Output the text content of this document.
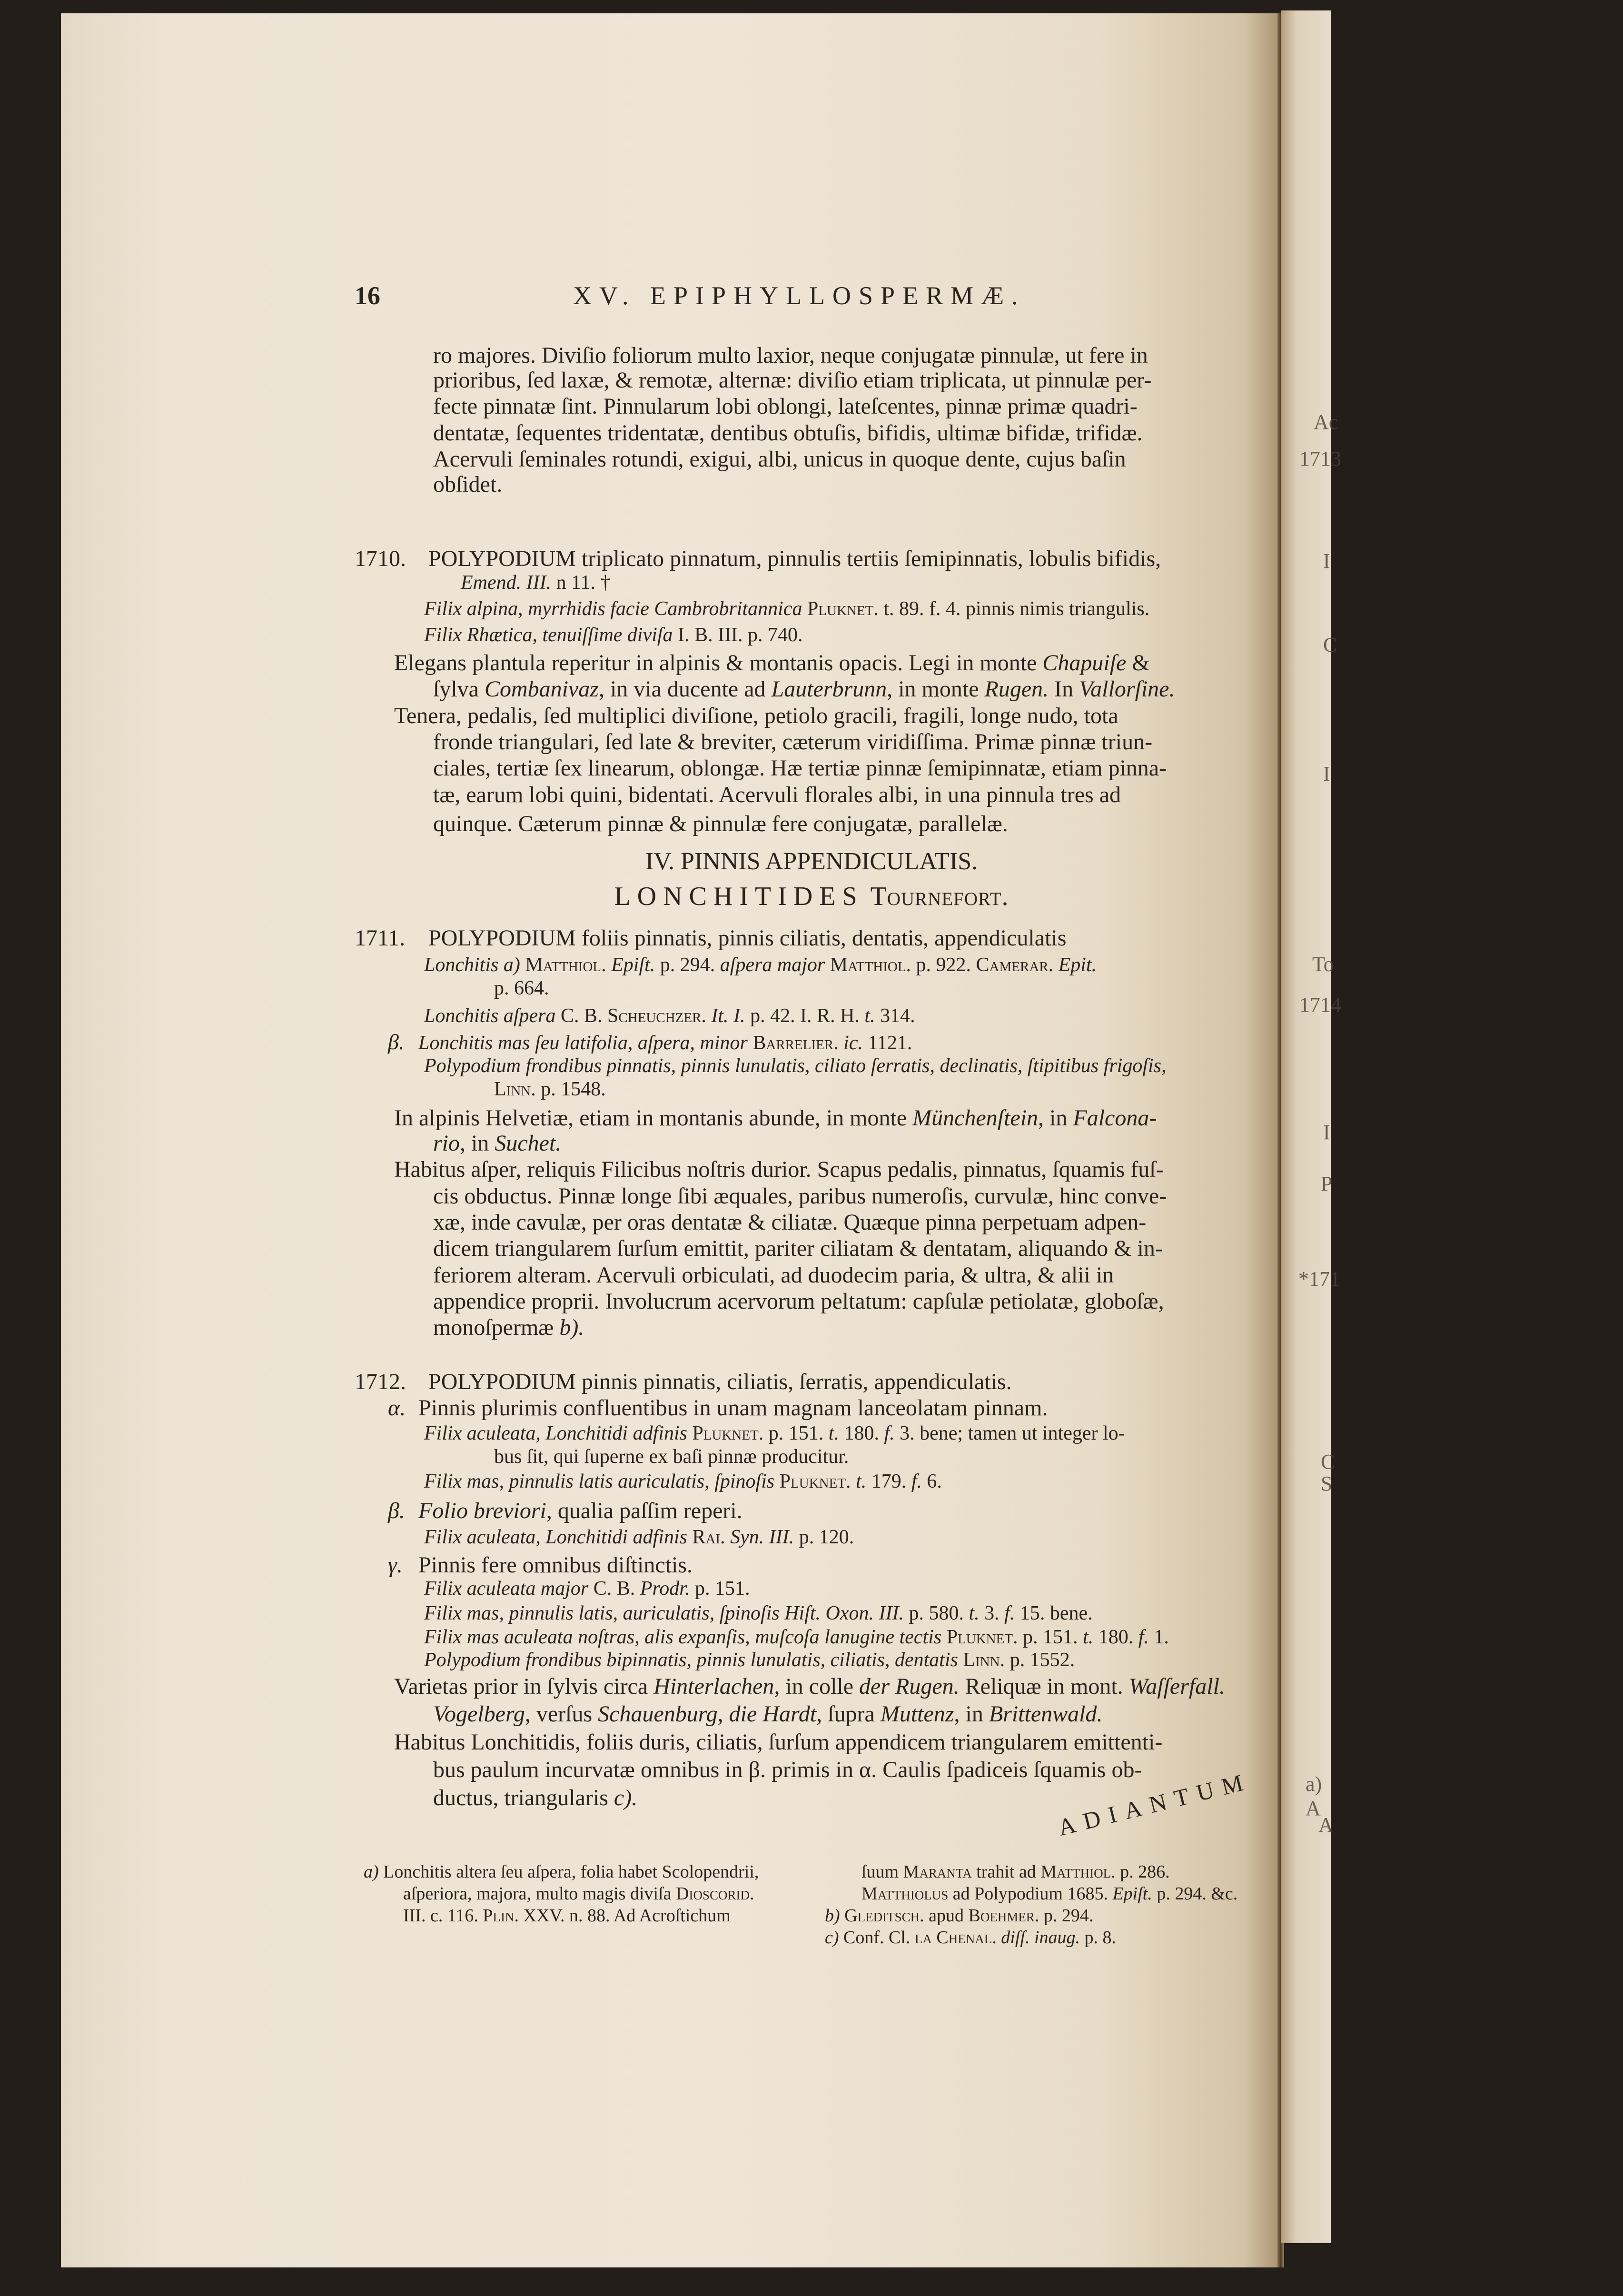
16	XV. EPIPHYLLOSPERMÆ.
ro majores. Diviſio foliorum multo laxior, neque conjugatæ pinnulæ, ut fere in
prioribus, ſed laxæ, & remotæ, alternæ: diviſio etiam triplicata, ut pinnulæ per-
fecte pinnatæ ſint. Pinnularum lobi oblongi, lateſcentes, pinnæ primæ quadri-
dentatæ, ſequentes tridentatæ, dentibus obtuſis, bifidis, ultimæ bifidæ, trifidæ.
Acervuli ſeminales rotundi, exigui, albi, unicus in quoque dente, cujus baſin
obſidet.
1710. POLYPODIUM triplicato pinnatum, pinnulis tertiis ſemipinnatis, lobulis bifidis,
Emend. III. n 11. †
Filix alpina, myrrhidis facie Cambrobritannica Pluknet. t. 89. f. 4. pinnis nimis triangulis.
Filix Rhætica, tenuiſſime diviſa I. B. III. p. 740.
Elegans plantula reperitur in alpinis & montanis opacis. Legi in monte Chapuiſe &
ſylva Combanivaz, in via ducente ad Lauterbrunn, in monte Rugen. In Vallorſine.
Tenera, pedalis, ſed multiplici diviſione, petiolo gracili, fragili, longe nudo, tota
fronde triangulari, ſed late & breviter, cæterum viridiſſima. Primæ pinnæ triun-
ciales, tertiæ ſex linearum, oblongæ. Hæ tertiæ pinnæ ſemipinnatæ, etiam pinna-
tæ, earum lobi quini, bidentati. Acervuli florales albi, in una pinnula tres ad
quinque. Cæterum pinnæ & pinnulæ fere conjugatæ, parallelæ.
IV. PINNIS APPENDICULATIS.
LONCHITIDES Tournefort.
1711. POLYPODIUM foliis pinnatis, pinnis ciliatis, dentatis, appendiculatis
Lonchitis a) Matthiol. Epiſt. p. 294. aſpera major Matthiol. p. 922. Camerar. Epit.
p. 664.
Lonchitis aſpera C. B. Scheuchzer. It. I. p. 42. I. R. H. t. 314.
β. Lonchitis mas ſeu latifolia, aſpera, minor Barrelier. ic. 1121.
Polypodium frondibus pinnatis, pinnis lunulatis, ciliato ſerratis, declinatis, ſtipitibus frigoſis,
Linn. p. 1548.
In alpinis Helvetiæ, etiam in montanis abunde, in monte Münchenſtein, in Falcona-
rio, in Suchet.
Habitus aſper, reliquis Filicibus noſtris durior. Scapus pedalis, pinnatus, ſquamis fuſ-
cis obductus. Pinnæ longe ſibi æquales, paribus numeroſis, curvulæ, hinc conve-
xæ, inde cavulæ, per oras dentatæ & ciliatæ. Quæque pinna perpetuam adpen-
dicem triangularem ſurſum emittit, pariter ciliatam & dentatam, aliquando & in-
feriorem alteram. Acervuli orbiculati, ad duodecim paria, & ultra, & alii in
appendice proprii. Involucrum acervorum peltatum: capſulæ petiolatæ, globoſæ,
monoſpermæ b).
1712. POLYPODIUM pinnis pinnatis, ciliatis, ſerratis, appendiculatis.
α. Pinnis plurimis confluentibus in unam magnam lanceolatam pinnam.
Filix aculeata, Lonchitidi adfinis Pluknet. p. 151. t. 180. f. 3. bene; tamen ut integer lo-
bus ſit, qui ſuperne ex baſi pinnæ producitur.
Filix mas, pinnulis latis auriculatis, ſpinoſis Pluknet. t. 179. f. 6.
β. Folio breviori, qualia paſſim reperi.
Filix aculeata, Lonchitidi adfinis Rai. Syn. III. p. 120.
γ. Pinnis fere omnibus diſtinctis.
Filix aculeata major C. B. Prodr. p. 151.
Filix mas, pinnulis latis, auriculatis, ſpinoſis Hiſt. Oxon. III. p. 580. t. 3. f. 15. bene.
Filix mas aculeata noſtras, alis expanſis, muſcoſa lanugine tectis Pluknet. p. 151. t. 180. f. 1.
Polypodium frondibus bipinnatis, pinnis lunulatis, ciliatis, dentatis Linn. p. 1552.
Varietas prior in ſylvis circa Hinterlachen, in colle der Rugen. Reliquæ in mont. Waſſerfall.
Vogelberg, verſus Schauenburg, die Hardt, ſupra Muttenz, in Brittenwald.
Habitus Lonchitidis, foliis duris, ciliatis, ſurſum appendicem triangularem emittenti-
bus paulum incurvatæ omnibus in β. primis in α. Caulis ſpadiceis ſquamis ob-
ductus, triangularis c).	ADIANTUM
a) Lonchitis altera ſeu aſpera, folia habet Scolopendrii,
aſperiora, majora, multo magis diviſa Dioscorid.
III. c. 116. Plin. XXV. n. 88. Ad Acroſtichum
ſuum Maranta trahit ad Matthiol. p. 286.
Matthiolus ad Polypodium 1685. Epiſt. p. 294. &c.
b) Gleditsch. apud Boehmer. p. 294.
c) Conf. Cl. la Chenal. diſſ. inaug. p. 8.
Ac
1713
I
C
I
To
1714
I
P
*171
C
S
a) A
A
